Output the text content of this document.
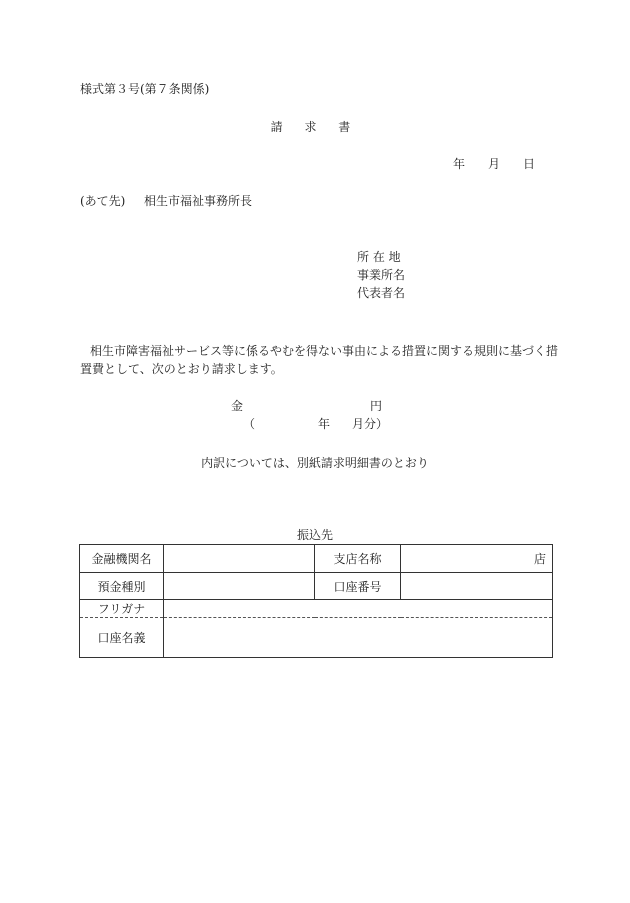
様式第３号(第７条関係)
請 求 書
年 月 日
(あて先) 相生市福祉事務所長
所 在 地
事業所名
代表者名
相生市障害福祉サービス等に係るやむを得ない事由による措置に関する規則に基づく措
置費として、次のとおり請求します。
金	円
（	年 月分）
内訳については、別紙請求明細書のとおり
振込先
金融機関名		支店名称	店
預金種別		口座番号	
フリガナ			
口座名義			
